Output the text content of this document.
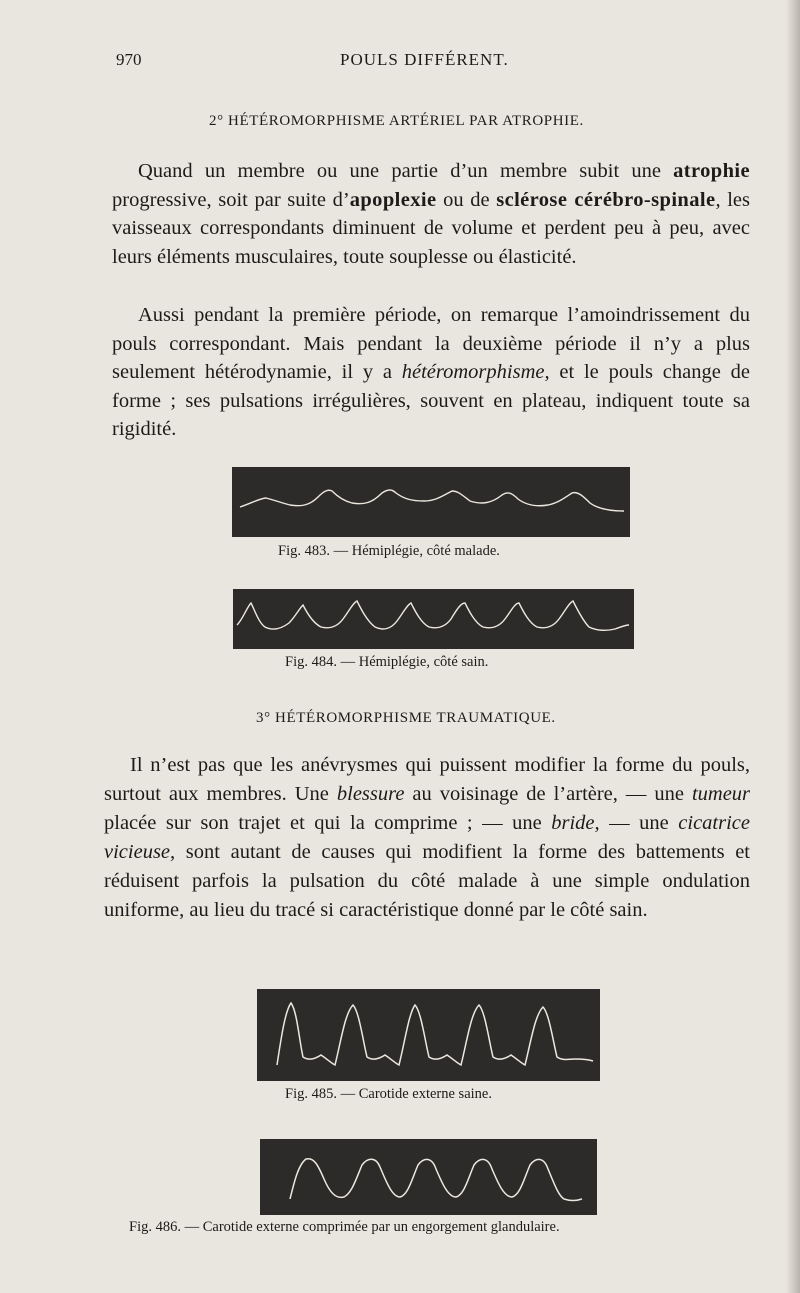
970	POULS DIFFÉRENT.
2° HÉTÉROMORPHISME ARTÉRIEL PAR ATROPHIE.

Quand un membre ou une partie d’un membre subit une atrophie progressive, soit par suite d’apoplexie ou de sclérose cérébro-spinale, les vaisseaux correspondants diminuent de volume et perdent peu à peu, avec leurs éléments musculaires, toute souplesse ou élasticité.

Aussi pendant la première période, on remarque l’amoindrissement du pouls correspondant. Mais pendant la deuxième période il n’y a plus seulement hétérodynamie, il y a hétéromorphisme, et le pouls change de forme ; ses pulsations irrégulières, souvent en plateau, indiquent toute sa rigidité.

Fig. 483. — Hémiplégie, côté malade.
Fig. 484. — Hémiplégie, côté sain.
3° HÉTÉROMORPHISME TRAUMATIQUE.

Il n’est pas que les anévrysmes qui puissent modifier la forme du pouls, surtout aux membres. Une blessure au voisinage de l’artère, — une tumeur placée sur son trajet et qui la comprime ; — une bride, — une cicatrice vicieuse, sont autant de causes qui modifient la forme des battements et réduisent parfois la pulsation du côté malade à une simple ondulation uniforme, au lieu du tracé si caractéristique donné par le côté sain.

Fig. 485. — Carotide externe saine.
Fig. 486. — Carotide externe comprimée par un engorgement glandulaire.
